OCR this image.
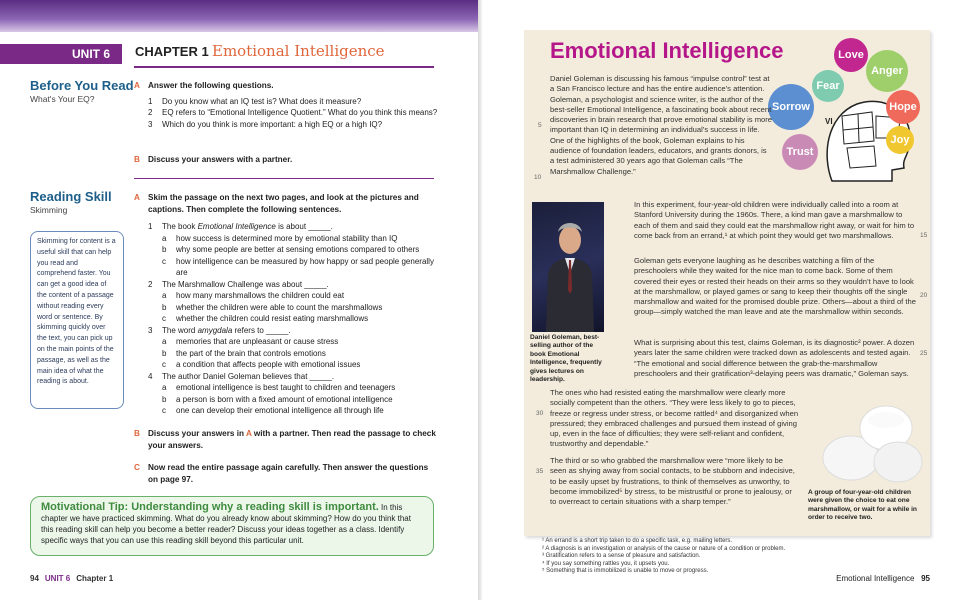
UNIT 6	CHAPTER 1 Emotional Intelligence
Before You Read
What's Your EQ?
A Answer the following questions.
1 Do you know what an IQ test is? What does it measure?
2 EQ refers to “Emotional Intelligence Quotient.” What do you think this means?
3 Which do you think is more important: a high EQ or a high IQ?
B Discuss your answers with a partner.
Reading Skill
Skimming
Skimming for content is a useful skill that can help you read and comprehend faster. You can get a good idea of the content of a passage without reading every word or sentence. By skimming quickly over the text, you can pick up on the main points of the passage, as well as the main idea of what the reading is about.
A Skim the passage on the next two pages, and look at the pictures and captions. Then complete the following sentences.
1 The book Emotional Intelligence is about _____.
a how success is determined more by emotional stability than IQ
b why some people are better at sensing emotions compared to others
c how intelligence can be measured by how happy or sad people generally are
2 The Marshmallow Challenge was about _____.
a how many marshmallows the children could eat
b whether the children were able to count the marshmallows
c whether the children could resist eating marshmallows
3 The word amygdala refers to _____.
a memories that are unpleasant or cause stress
b the part of the brain that controls emotions
c a condition that affects people with emotional issues
4 The author Daniel Goleman believes that _____.
a emotional intelligence is best taught to children and teenagers
b a person is born with a fixed amount of emotional intelligence
c one can develop their emotional intelligence all through life
B Discuss your answers in A with a partner. Then read the passage to check your answers.
C Now read the entire passage again carefully. Then answer the questions on page 97.
Motivational Tip: Understanding why a reading skill is important. In this chapter we have practiced skimming. What do you already know about skimming? How do you think that this reading skill can help you become a better reader? Discuss your ideas together as a class. Identify specific ways that you can use this reading skill beyond this particular unit.
94 UNIT 6 Chapter 1
Emotional Intelligence
VI
Love
Anger
Fear
Sorrow	Hope
Trust
Joy
Daniel Goleman is discussing his famous “impulse control” test at a San Francisco lecture and has the entire audience’s attention. Goleman, a psychologist and science writer, is the author of the best-seller Emotional Intelligence, a fascinating book about recent discoveries in brain research that prove emotional stability is more important than IQ in determining an individual’s success in life. One of the highlights of the book, Goleman explains to his audience of foundation leaders, educators, and grants donors, is a test administered 30 years ago that Goleman calls “The Marshmallow Challenge.”
5
10
Daniel Goleman, best-selling author of the book Emotional Intelligence, frequently gives lectures on leadership.
In this experiment, four-year-old children were individually called into a room at Stanford University during the 1960s. There, a kind man gave a marshmallow to each of them and said they could eat the marshmallow right away, or wait for him to come back from an errand,¹ at which point they would get two marshmallows.	15
Goleman gets everyone laughing as he describes watching a film of the preschoolers while they waited for the nice man to come back. Some of them covered their eyes or rested their heads on their arms so they wouldn’t have to look at the marshmallow, or played games or sang to keep their thoughts off the single marshmallow and waited for the promised double prize. Others—about a third of the group—simply watched the man leave and ate the marshmallow within seconds.
20
What is surprising about this test, claims Goleman, is its diagnostic² power. A dozen years later the same children were tracked down as adolescents and tested again. “The emotional and social difference between the grab-the-marshmallow preschoolers and their gratification³-delaying peers was dramatic,” Goleman says.
25
The ones who had resisted eating the marshmallow were clearly more socially competent than the others. “They were less likely to go to pieces, freeze or regress under stress, or become rattled⁴ and disorganized when pressured; they embraced challenges and pursued them instead of giving up, even in the face of difficulties; they were self-reliant and confident, trustworthy and dependable.”
30
The third or so who grabbed the marshmallow were “more likely to be seen as shying away from social contacts, to be stubborn and indecisive, to be easily upset by frustrations, to think of themselves as unworthy, to become immobilized⁵ by stress, to be mistrustful or prone to jealousy, or to overreact to certain situations with a sharp temper.”
35
A group of four-year-old children were given the choice to eat one marshmallow, or wait for a while in order to receive two.
¹ An errand is a short trip taken to do a specific task, e.g. mailing letters.
² A diagnosis is an investigation or analysis of the cause or nature of a condition or problem.
³ Gratification refers to a sense of pleasure and satisfaction.
⁴ If you say something rattles you, it upsets you.
⁵ Something that is immobilized is unable to move or progress.
Emotional Intelligence 95
